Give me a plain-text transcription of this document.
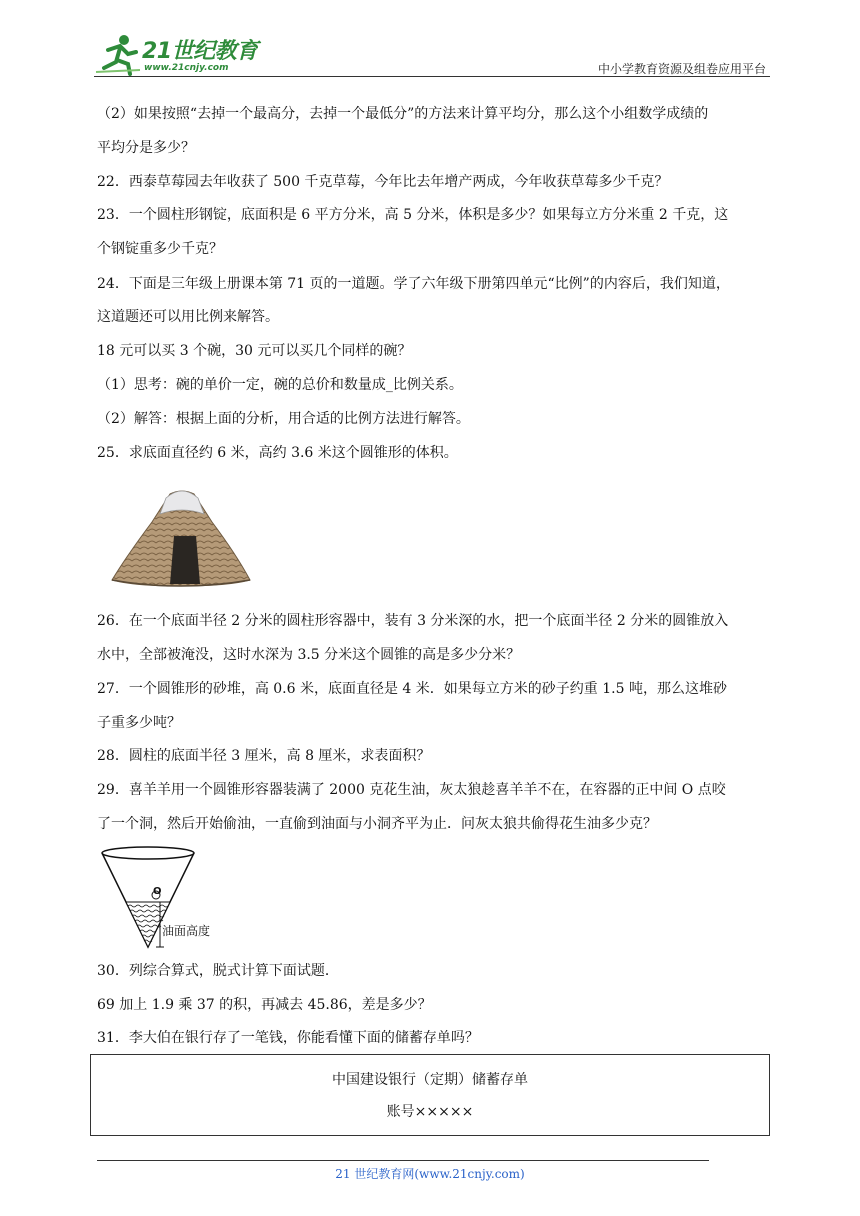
21世纪教育
www.21cnjy.com	中小学教育资源及组卷应用平台
（2）如果按照“去掉一个最高分，去掉一个最低分”的方法来计算平均分，那么这个小组数学成绩的
平均分是多少？
22．西泰草莓园去年收获了 500 千克草莓，今年比去年增产两成，今年收获草莓多少千克？
23．一个圆柱形钢锭，底面积是 6 平方分米，高 5 分米，体积是多少？如果每立方分米重 2 千克，这
个钢锭重多少千克？
24．下面是三年级上册课本第 71 页的一道题。学了六年级下册第四单元“比例”的内容后，我们知道，
这道题还可以用比例来解答。
18 元可以买 3 个碗，30 元可以买几个同样的碗？
（1）思考：碗的单价一定，碗的总价和数量成_比例关系。
（2）解答：根据上面的分析，用合适的比例方法进行解答。
25．求底面直径约 6 米，高约 3.6 米这个圆锥形的体积。
26．在一个底面半径 2 分米的圆柱形容器中，装有 3 分米深的水，把一个底面半径 2 分米的圆锥放入
水中，全部被淹没，这时水深为 3.5 分米这个圆锥的高是多少分米？
27．一个圆锥形的砂堆，高 0.6 米，底面直径是 4 米．如果每立方米的砂子约重 1.5 吨，那么这堆砂
子重多少吨？
28．圆柱的底面半径 3 厘米，高 8 厘米，求表面积？
29．喜羊羊用一个圆锥形容器装满了 2000 克花生油，灰太狼趁喜羊羊不在，在容器的正中间 O 点咬
了一个洞，然后开始偷油，一直偷到油面与小洞齐平为止．问灰太狼共偷得花生油多少克？
O
油面高度
30．列综合算式，脱式计算下面试题．
69 加上 1.9 乘 37 的积，再减去 45.86，差是多少？
31．李大伯在银行存了一笔钱，你能看懂下面的储蓄存单吗？
中国建设银行（定期）储蓄存单
账号×××××
21 世纪教育网(www.21cnjy.com)
